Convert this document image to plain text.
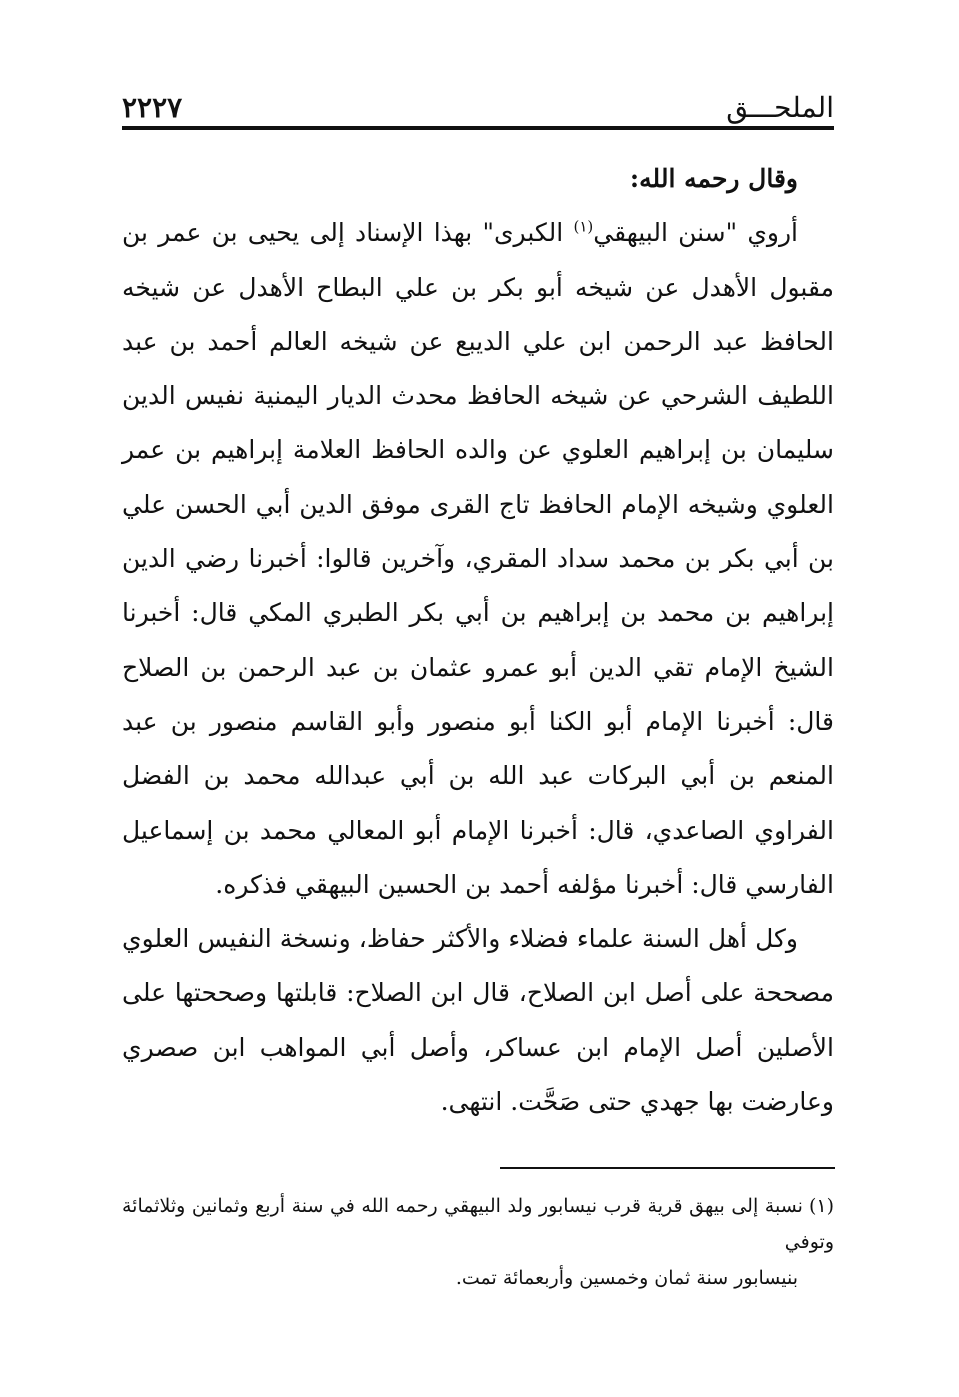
الملحـــق
٢٢٢٧

وقال رحمه الله:

أروي "سنن البيهقي$^{(١)}$ الكبرى" بهذا الإسناد إلى يحيى بن عمر بن مقبول الأهدل عن شيخه أبو بكر بن علي البطاح الأهدل عن شيخه الحافظ عبد الرحمن ابن علي الديبع عن شيخه العالم أحمد بن عبد اللطيف الشرحي عن شيخه الحافظ محدث الديار اليمنية نفيس الدين سليمان بن إبراهيم العلوي عن والده الحافظ العلامة إبراهيم بن عمر العلوي وشيخه الإمام الحافظ تاج القرى موفق الدين أبي الحسن علي بن أبي بكر بن محمد سداد المقري، وآخرين قالوا: أخبرنا رضي الدين إبراهيم بن محمد بن إبراهيم بن أبي بكر الطبري المكي قال: أخبرنا الشيخ الإمام تقي الدين أبو عمرو عثمان بن عبد الرحمن بن الصلاح قال: أخبرنا الإمام أبو الكنا أبو منصور وأبو القاسم منصور بن عبد المنعم بن أبي البركات عبد الله بن أبي عبدالله محمد بن الفضل الفراوي الصاعدي، قال: أخبرنا الإمام أبو المعالي محمد بن إسماعيل الفارسي قال: أخبرنا مؤلفه أحمد بن الحسين البيهقي فذكره.

وكل أهل السنة علماء فضلاء والأكثر حفاظ، ونسخة النفيس العلوي مصححة على أصل ابن الصلاح، قال ابن الصلاح: قابلتها وصححتها على الأصلين أصل الإمام ابن عساكر، وأصل أبي المواهب ابن صصري وعارضت بها جهدي حتى صَحَّت. انتهى.

(١)نسبة إلى بيهق قرية قرب نيسابور ولد البيهقي رحمه الله في سنة أربع وثمانين وثلاثمائة وتوفي

بنيسابور سنة ثمان وخمسين وأربعمائة تمت.
